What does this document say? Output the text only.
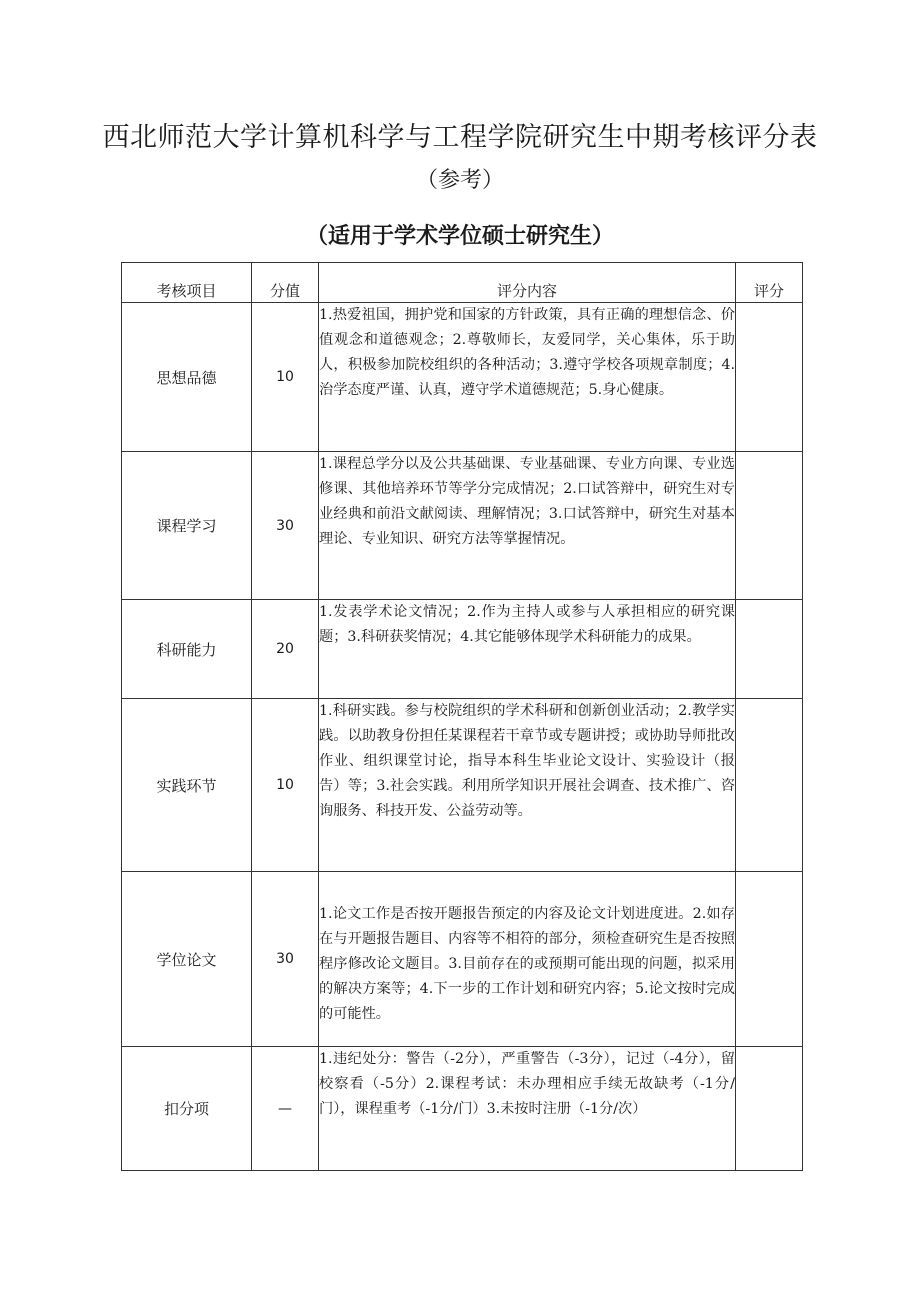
西北师范大学计算机科学与工程学院研究生中期考核评分表

（参考）

（适用于学术学位硕士研究生）

考核项目	分值	评分内容	评分
思想品德	10	1.热爱祖国，拥护党和国家的方针政策，具有正确的理想信念、价值观念和道德观念；2.尊敬师长，友爱同学，关心集体，乐于助人，积极参加院校组织的各种活动；3.遵守学校各项规章制度；4.治学态度严谨、认真，遵守学术道德规范；5.身心健康。	
课程学习	30	1.课程总学分以及公共基础课、专业基础课、专业方向课、专业选修课、其他培养环节等学分完成情况；2.口试答辩中，研究生对专业经典和前沿文献阅读、理解情况；3.口试答辩中，研究生对基本理论、专业知识、研究方法等掌握情况。	
科研能力	20	1.发表学术论文情况；2.作为主持人或参与人承担相应的研究课题；3.科研获奖情况；4.其它能够体现学术科研能力的成果。	
实践环节	10	1.科研实践。参与校院组织的学术科研和创新创业活动；2.教学实践。以助教身份担任某课程若干章节或专题讲授；或协助导师批改作业、组织课堂讨论，指导本科生毕业论文设计、实验设计（报告）等；3.社会实践。利用所学知识开展社会调查、技术推广、咨询服务、科技开发、公益劳动等。	
学位论文	30	1.论文工作是否按开题报告预定的内容及论文计划进度进。2.如存在与开题报告题目、内容等不相符的部分，须检查研究生是否按照程序修改论文题目。3.目前存在的或预期可能出现的问题，拟采用的解决方案等；4.下一步的工作计划和研究内容；5.论文按时完成的可能性。	
扣分项	—	1.违纪处分：警告（-2分），严重警告（-3分），记过（-4分），留校察看（-5分）2.课程考试：未办理相应手续无故缺考（-1分/门），课程重考（-1分/门）3.未按时注册（-1分/次）	
